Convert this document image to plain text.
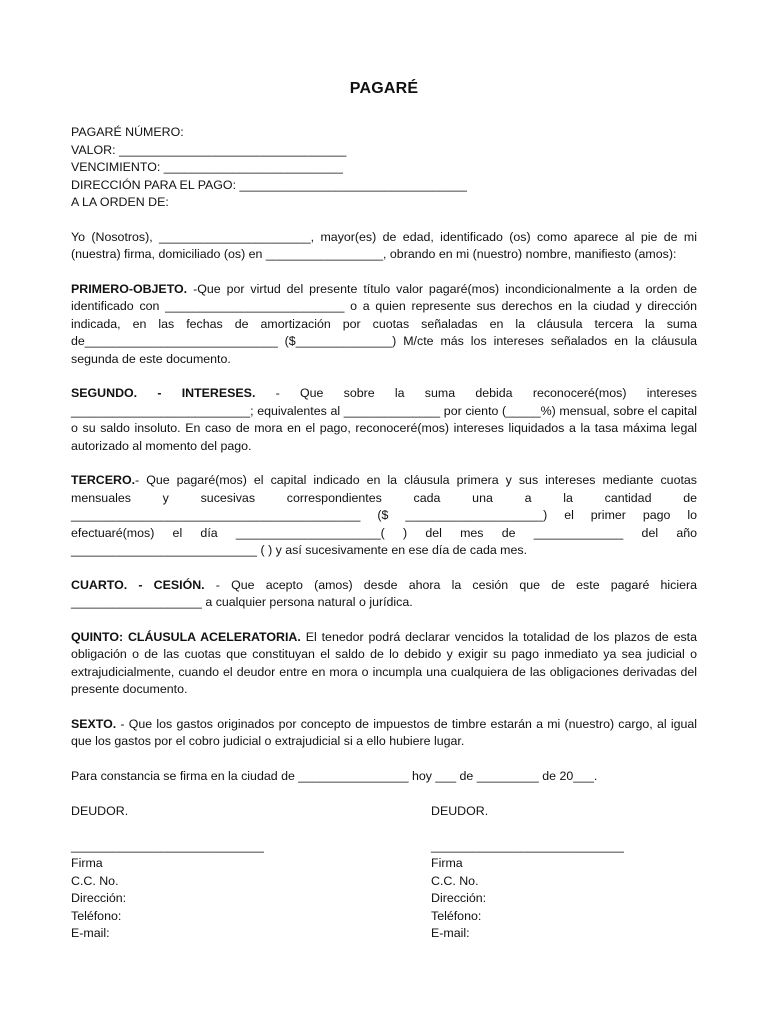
PAGARÉ

PAGARÉ NÚMERO:

VALOR: _________________________________

VENCIMIENTO: __________________________

DIRECCIÓN PARA EL PAGO: _________________________________

A LA ORDEN DE:

Yo (Nosotros), ______________________, mayor(es) de edad, identificado (os) como aparece al pie de mi (nuestra) firma, domiciliado (os) en _________________, obrando en mi (nuestro) nombre, manifiesto (amos):

PRIMERO-OBJETO. -Que por virtud del presente título valor pagaré(mos) incondicionalmente a la orden de identificado con __________________________ o a quien represente sus derechos en la ciudad y dirección indicada, en las fechas de amortización por cuotas señaladas en la cláusula tercera la suma de____________________________ ($______________) M/cte más los intereses señalados en la cláusula segunda de este documento.

SEGUNDO. - INTERESES. - Que sobre la suma debida reconoceré(mos) intereses __________________________; equivalentes al ______________ por ciento (_____%) mensual, sobre el capital o su saldo insoluto. En caso de mora en el pago, reconoceré(mos) intereses liquidados a la tasa máxima legal autorizado al momento del pago.

TERCERO.- Que pagaré(mos) el capital indicado en la cláusula primera y sus intereses mediante cuotas mensuales y sucesivas correspondientes cada una a la cantidad de __________________________________________ ($ ____________________) el primer pago lo efectuaré(mos) el día _____________________( ) del mes de _____________ del año ___________________________ ( ) y así sucesivamente en ese día de cada mes.

CUARTO. - CESIÓN. - Que acepto (amos) desde ahora la cesión que de este pagaré hiciera ___________________ a cualquier persona natural o jurídica.

QUINTO: CLÁUSULA ACELERATORIA. El tenedor podrá declarar vencidos la totalidad de los plazos de esta obligación o de las cuotas que constituyan el saldo de lo debido y exigir su pago inmediato ya sea judicial o extrajudicialmente, cuando el deudor entre en mora o incumpla una cualquiera de las obligaciones derivadas del presente documento.

SEXTO. - Que los gastos originados por concepto de impuestos de timbre estarán a mi (nuestro) cargo, al igual que los gastos por el cobro judicial o extrajudicial si a ello hubiere lugar.

Para constancia se firma en la ciudad de ________________ hoy ___ de _________ de 20___.

DEUDOR.
____________________________
Firma
C.C. No.
Dirección:
Teléfono:
E-mail:
DEUDOR.
____________________________
Firma
C.C. No.
Dirección:
Teléfono:
E-mail:
